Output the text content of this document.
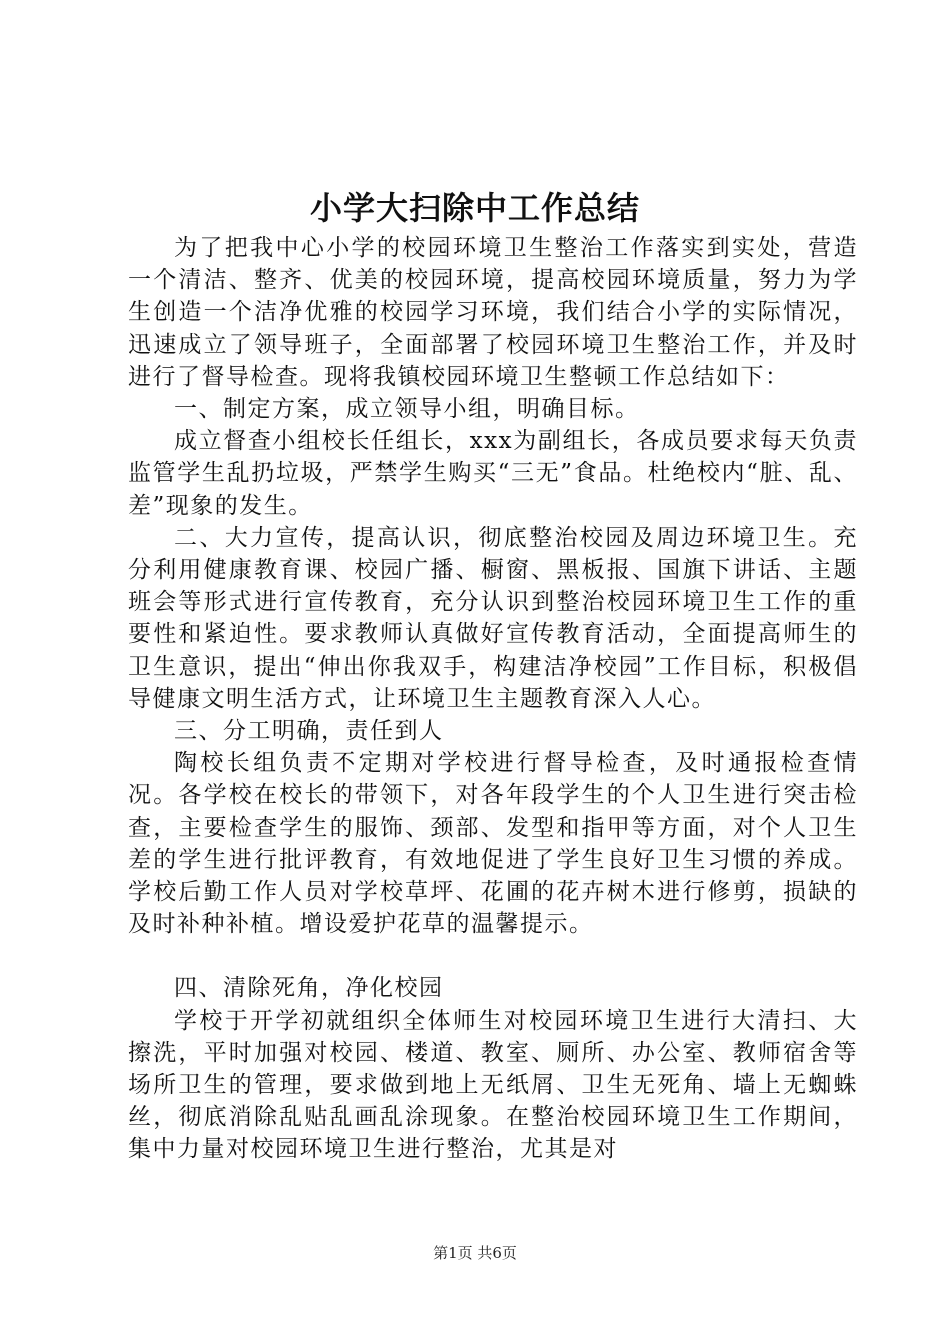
小学大扫除中工作总结

为了把我中心小学的校园环境卫生整治工作落实到实处，营造一个清洁、整齐、优美的校园环境，提高校园环境质量，努力为学生创造一个洁净优雅的校园学习环境，我们结合小学的实际情况，迅速成立了领导班子，全面部署了校园环境卫生整治工作，并及时进行了督导检查。现将我镇校园环境卫生整顿工作总结如下：

一、制定方案，成立领导小组，明确目标。

成立督查小组校长任组长，xxx为副组长，各成员要求每天负责监管学生乱扔垃圾，严禁学生购买“三无”食品。杜绝校内“脏、乱、差”现象的发生。

二、大力宣传，提高认识，彻底整治校园及周边环境卫生。充分利用健康教育课、校园广播、橱窗、黑板报、国旗下讲话、主题班会等形式进行宣传教育，充分认识到整治校园环境卫生工作的重要性和紧迫性。要求教师认真做好宣传教育活动，全面提高师生的卫生意识，提出“伸出你我双手，构建洁净校园”工作目标，积极倡导健康文明生活方式，让环境卫生主题教育深入人心。

三、分工明确，责任到人

陶校长组负责不定期对学校进行督导检查，及时通报检查情况。各学校在校长的带领下，对各年段学生的个人卫生进行突击检查，主要检查学生的服饰、颈部、发型和指甲等方面，对个人卫生差的学生进行批评教育，有效地促进了学生良好卫生习惯的养成。学校后勤工作人员对学校草坪、花圃的花卉树木进行修剪，损缺的及时补种补植。增设爱护花草的温馨提示。

四、清除死角，净化校园

学校于开学初就组织全体师生对校园环境卫生进行大清扫、大擦洗，平时加强对校园、楼道、教室、厕所、办公室、教师宿舍等场所卫生的管理，要求做到地上无纸屑、卫生无死角、墙上无蜘蛛丝，彻底消除乱贴乱画乱涂现象。在整治校园环境卫生工作期间，集中力量对校园环境卫生进行整治，尤其是对

第1页 共6页
